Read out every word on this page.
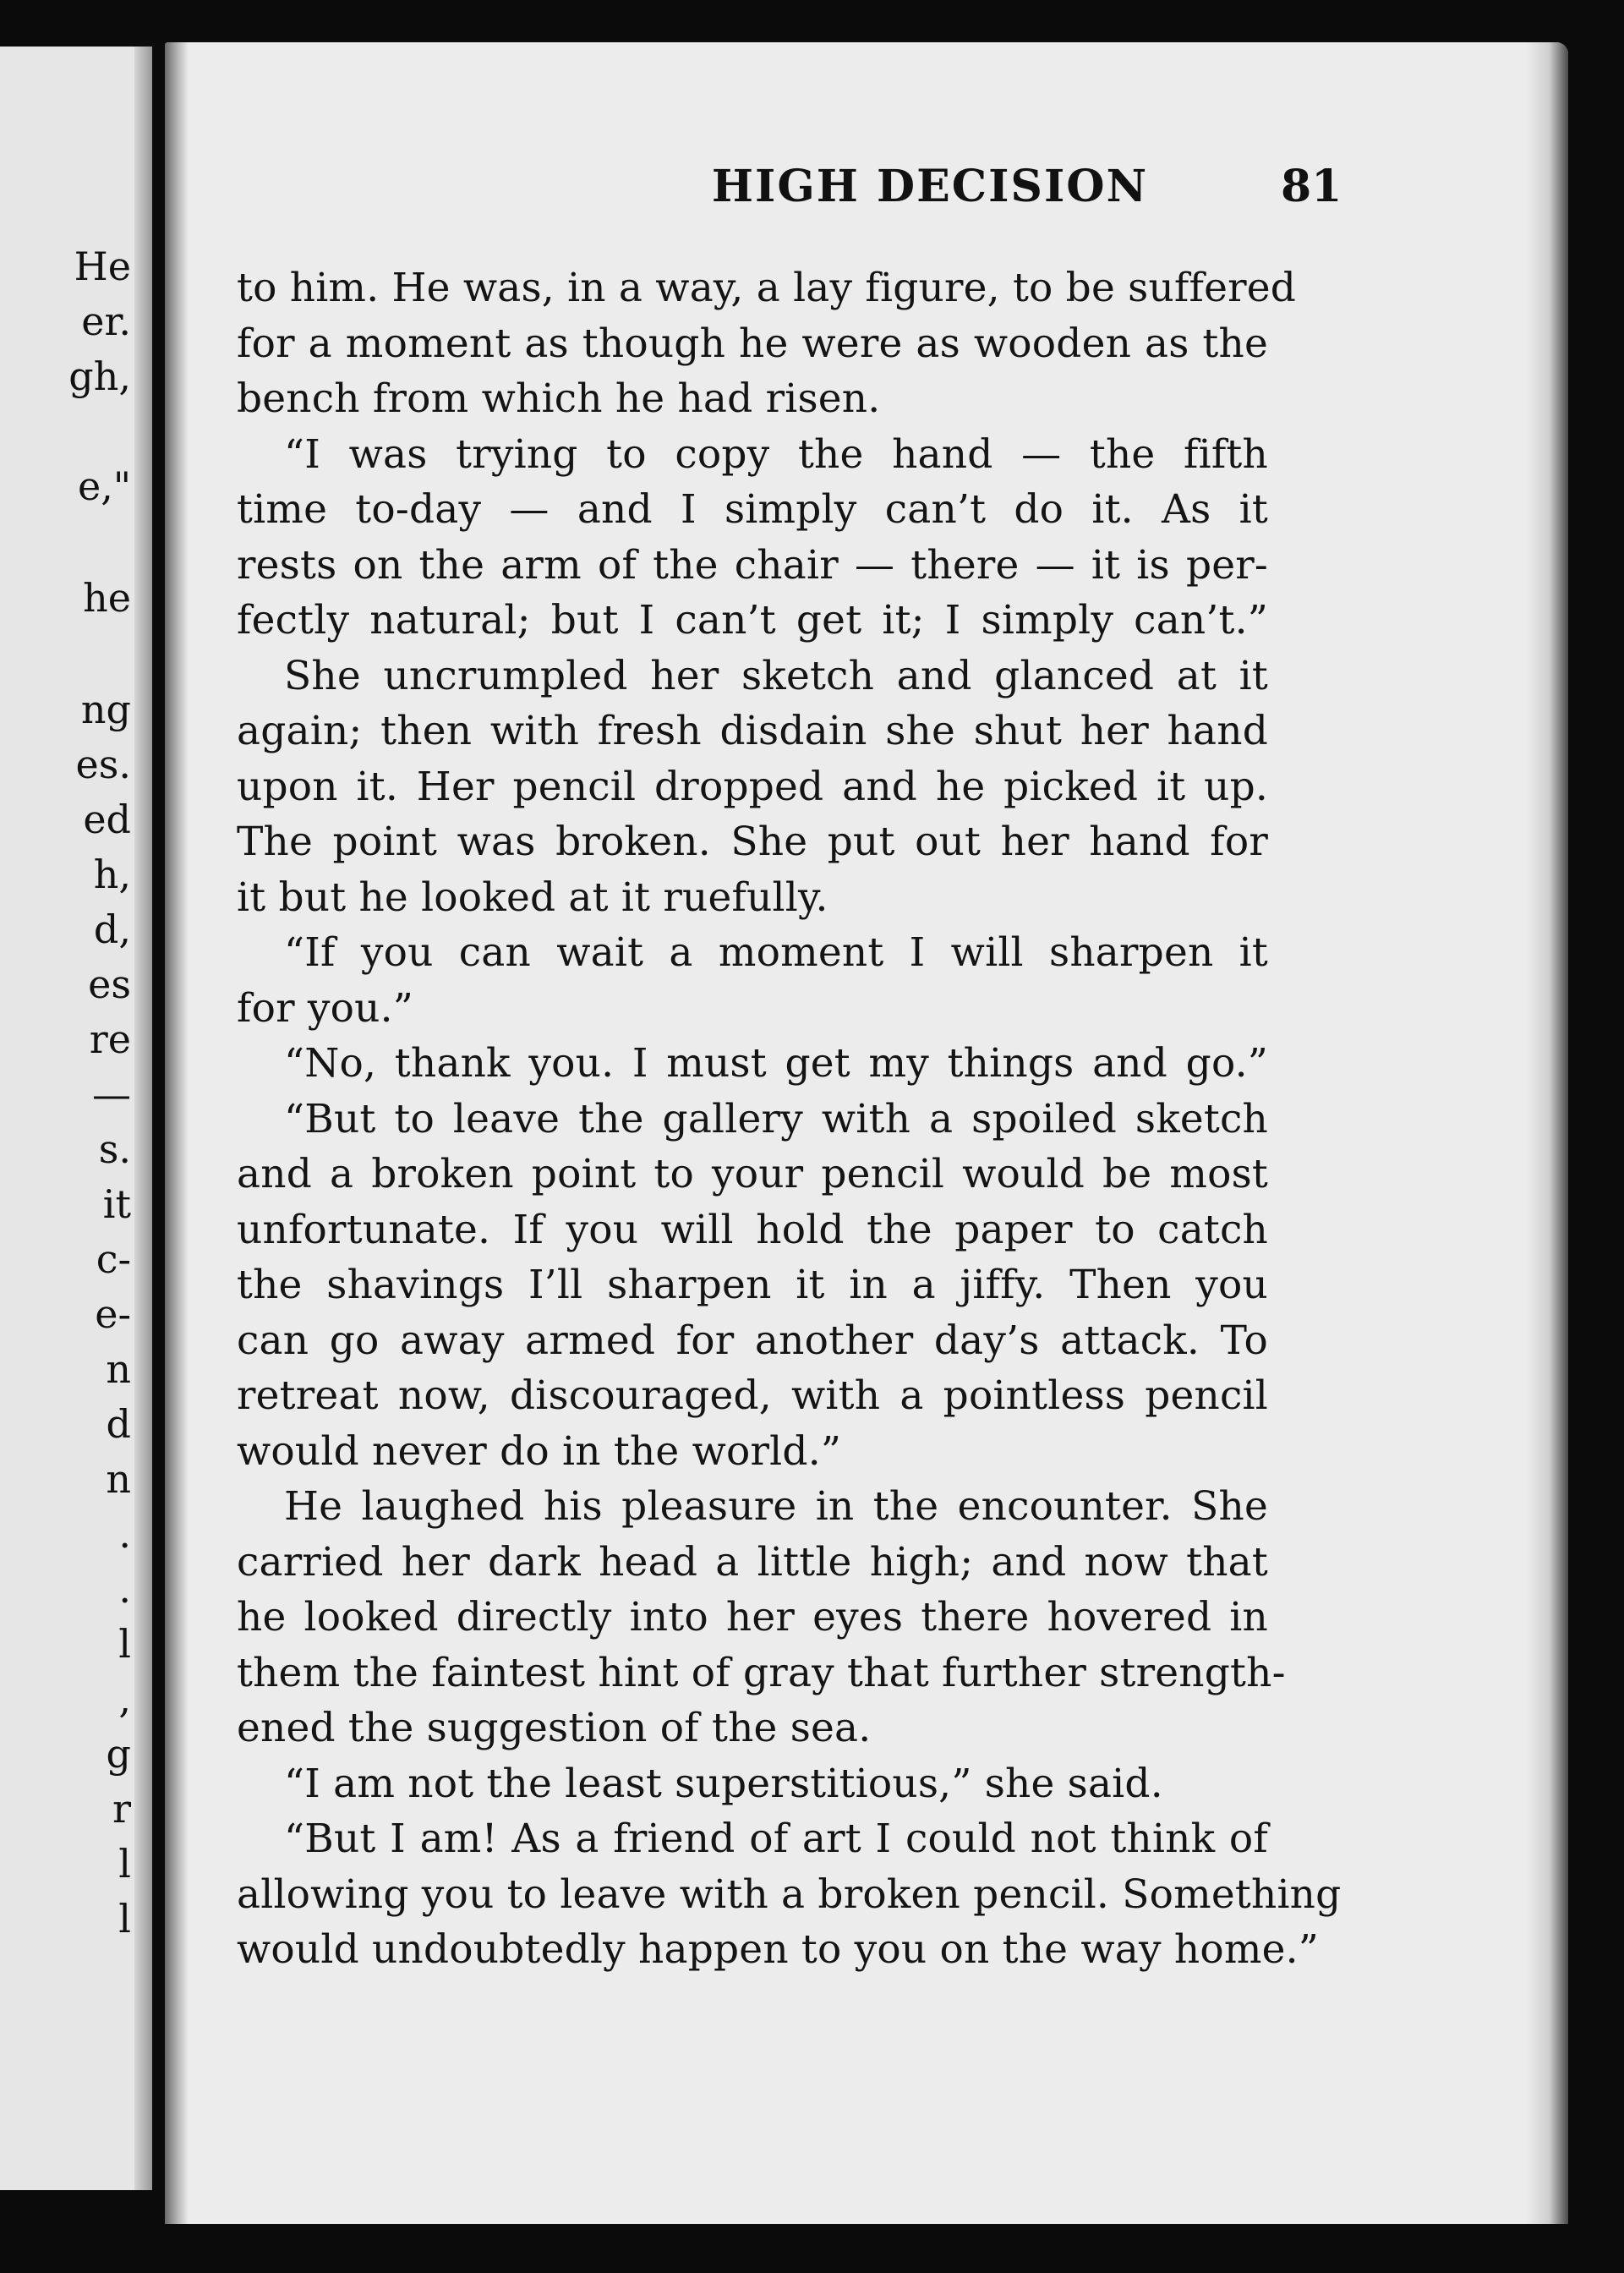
He
er.
gh,
e,"
he
ng
es.
ed
h,
d,
es
re
—
s.
it
c-
e-
n
d
n
.
.
l
,
g
r
l
l
HIGH DECISION	81
to him. He was, in a way, a lay figure, to be suffered
for a moment as though he were as wooden as the
bench from which he had risen.
“I was trying to copy the hand — the fifth
time to-day — and I simply can’t do it. As it
rests on the arm of the chair — there — it is per-
fectly natural; but I can’t get it; I simply can’t.”
She uncrumpled her sketch and glanced at it
again; then with fresh disdain she shut her hand
upon it. Her pencil dropped and he picked it up.
The point was broken. She put out her hand for
it but he looked at it ruefully.
“If you can wait a moment I will sharpen it
for you.”
“No, thank you. I must get my things and go.”
“But to leave the gallery with a spoiled sketch
and a broken point to your pencil would be most
unfortunate. If you will hold the paper to catch
the shavings I’ll sharpen it in a jiffy. Then you
can go away armed for another day’s attack. To
retreat now, discouraged, with a pointless pencil
would never do in the world.”
He laughed his pleasure in the encounter. She
carried her dark head a little high; and now that
he looked directly into her eyes there hovered in
them the faintest hint of gray that further strength-
ened the suggestion of the sea.
“I am not the least superstitious,” she said.
“But I am! As a friend of art I could not think of
allowing you to leave with a broken pencil. Something
would undoubtedly happen to you on the way home.”
